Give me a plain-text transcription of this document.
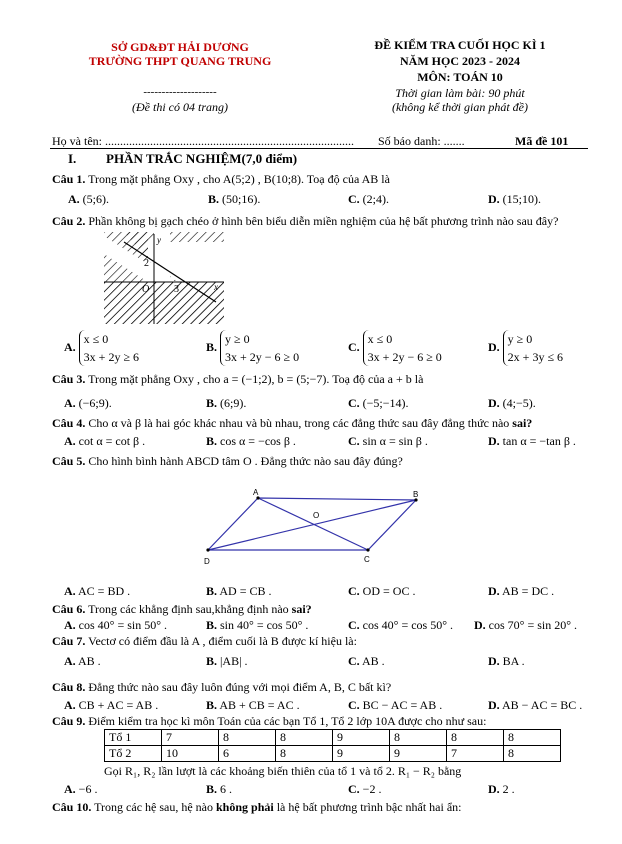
SỞ GD&ĐT HẢI DƯƠNG
TRƯỜNG THPT QUANG TRUNG
--------------------
(Đề thi có 04 trang)
ĐỀ KIỂM TRA CUỐI HỌC KÌ 1
NĂM HỌC 2023 - 2024
MÔN: TOÁN 10
Thời gian làm bài: 90 phút
(không kể thời gian phát đề)
Họ và tên: ................................................................................... Số báo danh: .......	Mã đề 101
I. PHẦN TRẮC NGHIỆM(7,0 điểm)
Câu 1. Trong mặt phẳng Oxy , cho A(5;2) , B(10;8). Toạ độ của AB là
A. (5;6).	B. (50;16).	C. (2;4).	D. (15;10).
Câu 2. Phần không bị gạch chéo ở hình bên biểu diễn miền nghiệm của hệ bất phương trình nào sau đây?
y
2
O 3	x
A. x ≤ 0
3x + 2y ≥ 6
B. y ≥ 0
3x + 2y − 6 ≥ 0
C. x ≤ 0
3x + 2y − 6 ≥ 0
D. y ≥ 0
2x + 3y ≤ 6
Câu 3. Trong mặt phẳng Oxy , cho a = (−1;2), b = (5;−7). Toạ độ của a + b là
A. (−6;9).	B. (6;9).	C. (−5;−14).	D. (4;−5).
Câu 4. Cho α và β là hai góc khác nhau và bù nhau, trong các đẳng thức sau đây đẳng thức nào sai?
A. cot α = cot β .	B. cos α = −cos β .	C. sin α = sin β .	D. tan α = −tan β .
Câu 5. Cho hình bình hành ABCD tâm O . Đẳng thức nào sau đây đúng?
A	B
C
D
O
A. AC = BD .	B. AD = CB .	C. OD = OC .	D. AB = DC .
Câu 6. Trong các khẳng định sau,khẳng định nào sai?
A. cos 40° = sin 50° .	B. sin 40° = cos 50° .	C. cos 40° = cos 50° . D. cos 70° = sin 20° .
Câu 7. Vectơ có điểm đầu là A , điểm cuối là B được kí hiệu là:
A. AB .	B. |AB| .	C. AB .	D. BA .
Câu 8. Đẳng thức nào sau đây luôn đúng với mọi điểm A, B, C bất kì?
A. CB + AC = AB .	B. AB + CB = AC .	C. BC − AC = AB .	D. AB − AC = BC .
Câu 9. Điểm kiểm tra học kì môn Toán của các bạn Tổ 1, Tổ 2 lớp 10A được cho như sau:
Tổ 1	7	8	8	9	8	8	8
Tổ 2	10	6	8	9	9	7	8
Gọi R₁, R₂ lần lượt là các khoảng biến thiên của tổ 1 và tổ 2. R₁ − R₂ bằng
A. −6 .	B. 6 .	C. −2 .	D. 2 .
Câu 10. Trong các hệ sau, hệ nào không phải là hệ bất phương trình bậc nhất hai ẩn:
